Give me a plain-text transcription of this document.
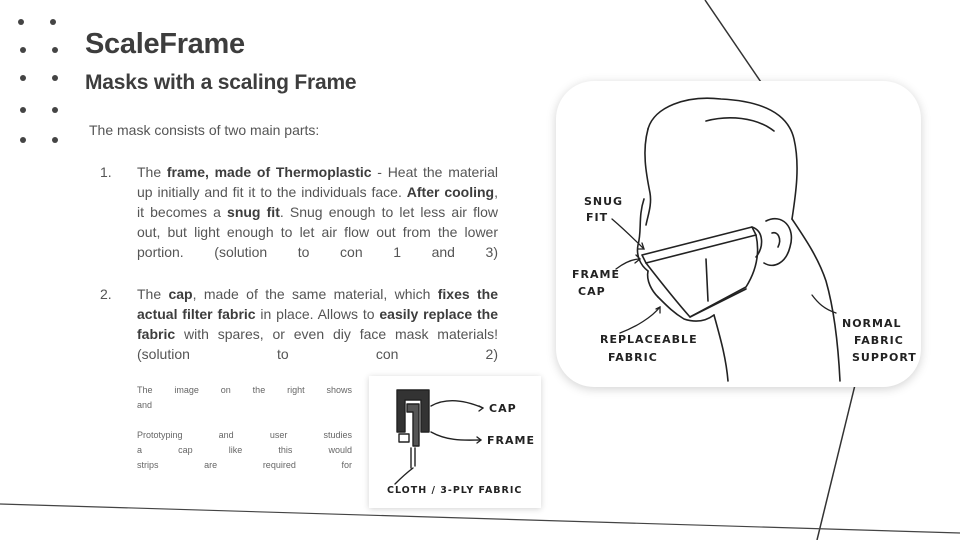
ScaleFrame
Masks with a scaling Frame

The mask consists of two main parts:

1. The frame, made of Thermoplastic - Heat the material up initially and fit it to the individuals face. After cooling, it becomes a snug fit. Snug enough to let less air flow out, but light enough to let air flow out from the lower portion. (solution to con 1 and 3)
2. The cap, made of the same material, which fixes the actual filter fabric in place. Allows to easily replace the fabric with spares, or even diy face mask materials! (solution to con 2)

The image on the right shows

and

Prototyping and user studies

a cap like this would

strips are required for

SNUG
FIT
FRAME
CAP
REPLACEABLE
FABRIC
NORMAL
FABRIC
SUPPORT
CAP
FRAME
CLOTH / 3-PLY FABRIC
